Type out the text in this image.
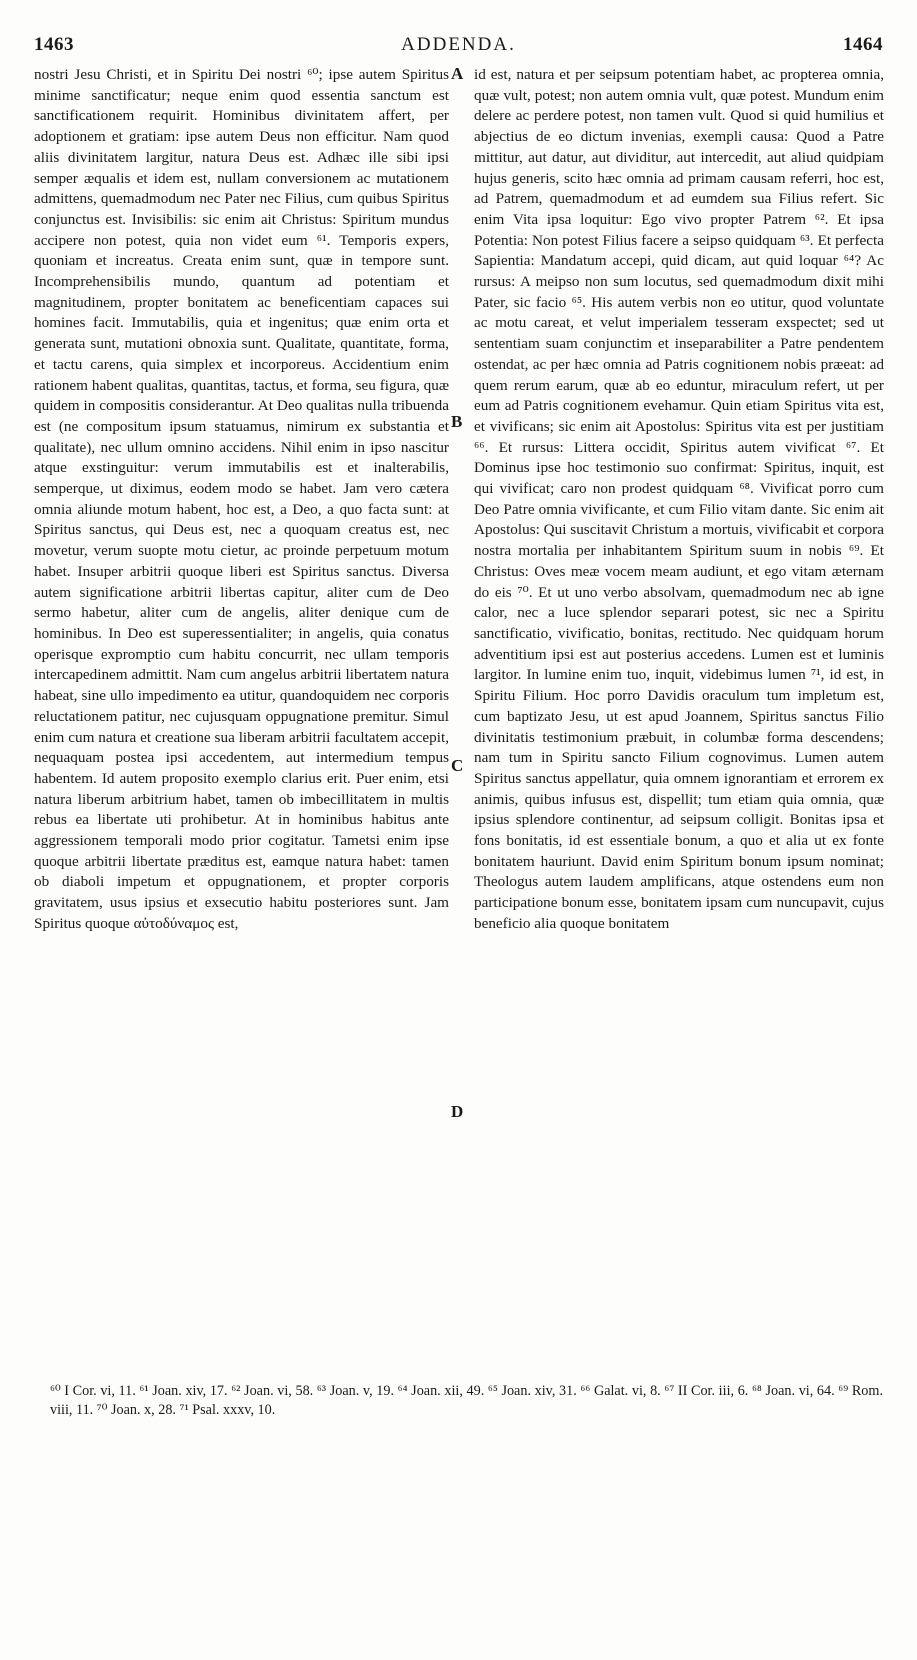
1463	ADDENDA.	1464

nostri Jesu Christi, et in Spiritu Dei nostri ⁶⁰; ipse autem Spiritus minime sanctificatur; neque enim quod essentia sanctum est sanctificationem requirit. Hominibus divinitatem affert, per adoptionem et gratiam: ipse autem Deus non efficitur. Nam quod aliis divinitatem largitur, natura Deus est. Adhæc ille sibi ipsi semper æqualis et idem est, nullam conversionem ac mutationem admittens, quemadmodum nec Pater nec Filius, cum quibus Spiritus conjunctus est. Invisibilis: sic enim ait Christus: Spiritum mundus accipere non potest, quia non videt eum ⁶¹. Temporis expers, quoniam et increatus. Creata enim sunt, quæ in tempore sunt. Incomprehensibilis mundo, quantum ad potentiam et magnitudinem, propter bonitatem ac beneficentiam capaces sui homines facit. Immutabilis, quia et ingenitus; quæ enim orta et generata sunt, mutationi obnoxia sunt. Qualitate, quantitate, forma, et tactu carens, quia simplex et incorporeus. Accidentium enim rationem habent qualitas, quantitas, tactus, et forma, seu figura, quæ quidem in compositis considerantur. At Deo qualitas nulla tribuenda est (ne compositum ipsum statuamus, nimirum ex substantia et qualitate), nec ullum omnino accidens. Nihil enim in ipso nascitur atque exstinguitur: verum immutabilis est et inalterabilis, semperque, ut diximus, eodem modo se habet. Jam vero cætera omnia aliunde motum habent, hoc est, a Deo, a quo facta sunt: at Spiritus sanctus, qui Deus est, nec a quoquam creatus est, nec movetur, verum suopte motu cietur, ac proinde perpetuum motum habet. Insuper arbitrii quoque liberi est Spiritus sanctus. Diversa autem significatione arbitrii libertas capitur, aliter cum de Deo sermo habetur, aliter cum de angelis, aliter denique cum de hominibus. In Deo est superessentialiter; in angelis, quia conatus operisque expromptio cum habitu concurrit, nec ullam temporis intercapedinem admittit. Nam cum angelus arbitrii libertatem natura habeat, sine ullo impedimento ea utitur, quandoquidem nec corporis reluctationem patitur, nec cujusquam oppugnatione premitur. Simul enim cum natura et creatione sua liberam arbitrii facultatem accepit, nequaquam postea ipsi accedentem, aut intermedium tempus habentem. Id autem proposito exemplo clarius erit. Puer enim, etsi natura liberum arbitrium habet, tamen ob imbecillitatem in multis rebus ea libertate uti prohibetur. At in hominibus habitus ante aggressionem temporali modo prior cogitatur. Tametsi enim ipse quoque arbitrii libertate præditus est, eamque natura habet: tamen ob diaboli impetum et oppugnationem, et propter corporis gravitatem, usus ipsius et exsecutio habitu posteriores sunt. Jam Spiritus quoque αὐτοδύναμος est,

A
B
C
D

id est, natura et per seipsum potentiam habet, ac propterea omnia, quæ vult, potest; non autem omnia vult, quæ potest. Mundum enim delere ac perdere potest, non tamen vult. Quod si quid humilius et abjectius de eo dictum invenias, exempli causa: Quod a Patre mittitur, aut datur, aut dividitur, aut intercedit, aut aliud quidpiam hujus generis, scito hæc omnia ad primam causam referri, hoc est, ad Patrem, quemadmodum et ad eumdem sua Filius refert. Sic enim Vita ipsa loquitur: Ego vivo propter Patrem ⁶². Et ipsa Potentia: Non potest Filius facere a seipso quidquam ⁶³. Et perfecta Sapientia: Mandatum accepi, quid dicam, aut quid loquar ⁶⁴? Ac rursus: A meipso non sum locutus, sed quemadmodum dixit mihi Pater, sic facio ⁶⁵. His autem verbis non eo utitur, quod voluntate ac motu careat, et velut imperialem tesseram exspectet; sed ut sententiam suam conjunctim et inseparabiliter a Patre pendentem ostendat, ac per hæc omnia ad Patris cognitionem nobis præeat: ad quem rerum earum, quæ ab eo eduntur, miraculum refert, ut per eum ad Patris cognitionem evehamur. Quin etiam Spiritus vita est, et vivificans; sic enim ait Apostolus: Spiritus vita est per justitiam ⁶⁶. Et rursus: Littera occidit, Spiritus autem vivificat ⁶⁷. Et Dominus ipse hoc testimonio suo confirmat: Spiritus, inquit, est qui vivificat; caro non prodest quidquam ⁶⁸. Vivificat porro cum Deo Patre omnia vivificante, et cum Filio vitam dante. Sic enim ait Apostolus: Qui suscitavit Christum a mortuis, vivificabit et corpora nostra mortalia per inhabitantem Spiritum suum in nobis ⁶⁹. Et Christus: Oves meæ vocem meam audiunt, et ego vitam æternam do eis ⁷⁰. Et ut uno verbo absolvam, quemadmodum nec ab igne calor, nec a luce splendor separari potest, sic nec a Spiritu sanctificatio, vivificatio, bonitas, rectitudo. Nec quidquam horum adventitium ipsi est aut posterius accedens. Lumen est et luminis largitor. In lumine enim tuo, inquit, videbimus lumen ⁷¹, id est, in Spiritu Filium. Hoc porro Davidis oraculum tum impletum est, cum baptizato Jesu, ut est apud Joannem, Spiritus sanctus Filio divinitatis testimonium præbuit, in columbæ forma descendens; nam tum in Spiritu sancto Filium cognovimus. Lumen autem Spiritus sanctus appellatur, quia omnem ignorantiam et errorem ex animis, quibus infusus est, dispellit; tum etiam quia omnia, quæ ipsius splendore continentur, ad seipsum colligit. Bonitas ipsa et fons bonitatis, id est essentiale bonum, a quo et alia ut ex fonte bonitatem hauriunt. David enim Spiritum bonum ipsum nominat; Theologus autem laudem amplificans, atque ostendens eum non participatione bonum esse, bonitatem ipsam cum nuncupavit, cujus beneficio alia quoque bonitatem

⁶⁰ I Cor. vi, 11. ⁶¹ Joan. xiv, 17. ⁶² Joan. vi, 58. ⁶³ Joan. v, 19. ⁶⁴ Joan. xii, 49. ⁶⁵ Joan. xiv, 31. ⁶⁶ Galat. vi, 8. ⁶⁷ II Cor. iii, 6. ⁶⁸ Joan. vi, 64. ⁶⁹ Rom. viii, 11. ⁷⁰ Joan. x, 28. ⁷¹ Psal. xxxv, 10.
